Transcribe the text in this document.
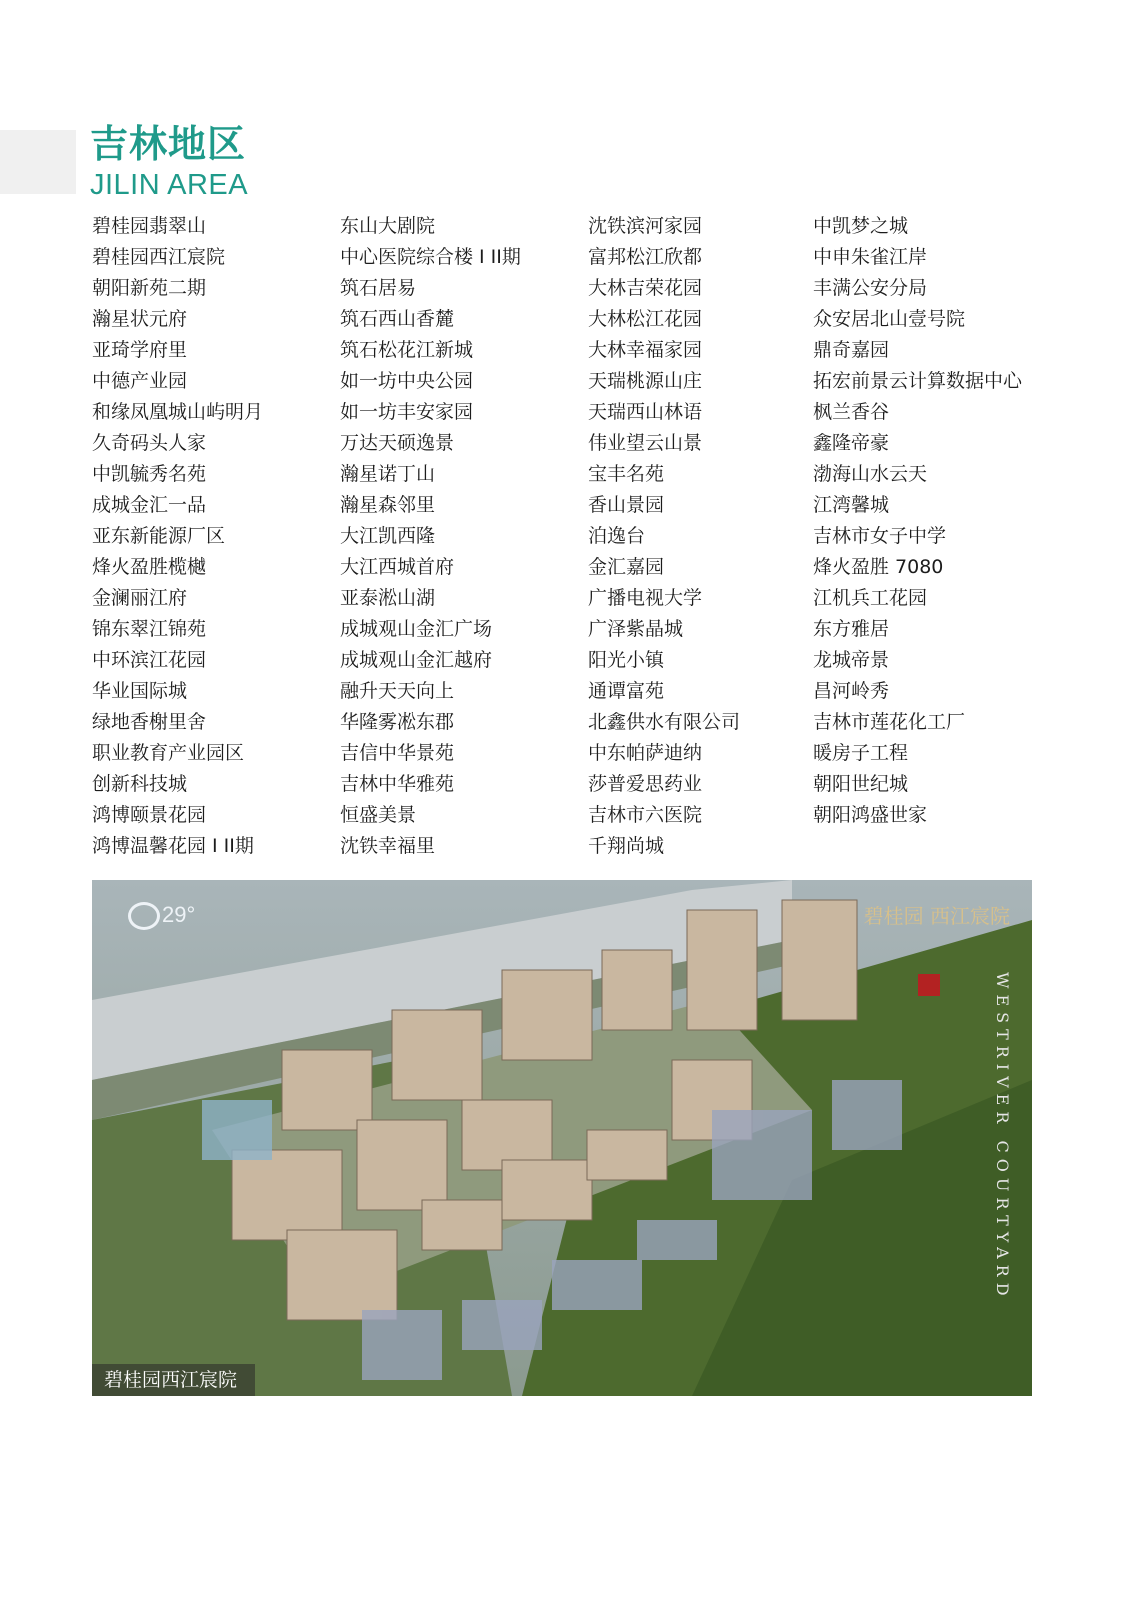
吉林地区
JILIN AREA
碧桂园翡翠山
碧桂园西江宸院
朝阳新苑二期
瀚星状元府
亚琦学府里
中德产业园
和缘凤凰城山屿明月
久奇码头人家
中凯毓秀名苑
成城金汇一品
亚东新能源厂区
烽火盈胜榄樾
金澜丽江府
锦东翠江锦苑
中环滨江花园
华业国际城
绿地香榭里舍
职业教育产业园区
创新科技城
鸿博颐景花园
鸿博温馨花园 I II期
东山大剧院
中心医院综合楼 I II期
筑石居易
筑石西山香麓
筑石松花江新城
如一坊中央公园
如一坊丰安家园
万达天硕逸景
瀚星诺丁山
瀚星森邻里
大江凯西隆
大江西城首府
亚泰淞山湖
成城观山金汇广场
成城观山金汇越府
融升天天向上
华隆雾凇东郡
吉信中华景苑
吉林中华雅苑
恒盛美景
沈铁幸福里
沈铁滨河家园
富邦松江欣都
大林吉荣花园
大林松江花园
大林幸福家园
天瑞桃源山庄
天瑞西山林语
伟业望云山景
宝丰名苑
香山景园
泊逸台
金汇嘉园
广播电视大学
广泽紫晶城
阳光小镇
通谭富苑
北鑫供水有限公司
中东帕萨迪纳
莎普爱思药业
吉林市六医院
千翔尚城
中凯梦之城
中申朱雀江岸
丰满公安分局
众安居北山壹号院
鼎奇嘉园
拓宏前景云计算数据中心
枫兰香谷
鑫隆帝豪
渤海山水云天
江湾馨城
吉林市女子中学
烽火盈胜 7080
江机兵工花园
东方雅居
龙城帝景
昌河岭秀
吉林市莲花化工厂
暖房子工程
朝阳世纪城
朝阳鸿盛世家
29°	碧桂园 西江宸院
WESTRIVER COURTYARD
碧桂园西江宸院
